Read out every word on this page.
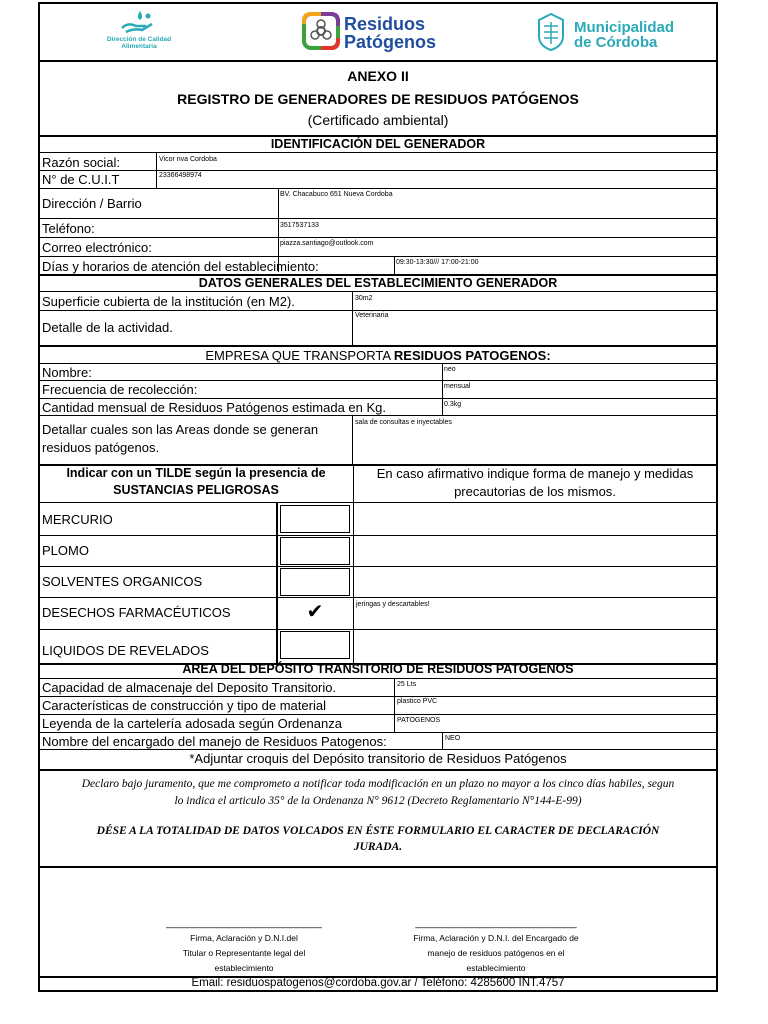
Dirección de Calidad Alimentaria
Residuos
Patógenos
Municipalidad
de Córdoba
ANEXO II
REGISTRO DE GENERADORES DE RESIDUOS PATÓGENOS
(Certificado ambiental)
IDENTIFICACIÓN DEL GENERADOR
Razón social:	Vicor nva Cordoba
N° de C.U.I.T	23366498974
Dirección / Barrio
BV. Chacabuco 651 Nueva Cordoba
Teléfono:	3517537133
Correo electrónico:	piazza.santiago@outlook.com
Días y horarios de atención del establecimiento:	09:30-13:30/// 17:00-21:00
DATOS GENERALES DEL ESTABLECIMIENTO GENERADOR
Superficie cubierta de la institución (en M2).	30m2
Detalle de la actividad.
Veterinaria
EMPRESA QUE TRANSPORTA RESIDUOS PATOGENOS:
Nombre:	neo
Frecuencia de recolección:	mensual
Cantidad mensual de Residuos Patógenos estimada en Kg.	0.3kg
Detallar cuales son las Areas donde se generan
residuos patógenos.
sala de consultas e inyectables
Indicar con un TILDE según la presencia de
SUSTANCIAS PELIGROSAS
En caso afirmativo indique forma de manejo y medidas
precautorias de los mismos.
MERCURIO
PLOMO
SOLVENTES ORGANICOS
DESECHOS FARMACÉUTICOS	✔	jeringas y descartables!
LIQUIDOS DE REVELADOS
AREA DEL DEPÓSITO TRANSITORIO DE RESIDUOS PATOGENOS
Capacidad de almacenaje del Deposito Transitorio.	25 Lts
Características de construcción y tipo de material	plastico PVC
Leyenda de la cartelería adosada según Ordenanza	PATOGENOS
Nombre del encargado del manejo de Residuos Patogenos:	NEO
*Adjuntar croquis del Depósito transitorio de Residuos Patógenos
Declaro bajo juramento, que me comprometo a notificar toda modificación en un plazo no mayor a los cinco días habiles, segun
lo indica el articulo 35° de la Ordenanza N° 9612 (Decreto Reglamentario N°144-E-99)
DÉSE A LA TOTALIDAD DE DATOS VOLCADOS EN ÉSTE FORMULARIO EL CARACTER DE DECLARACIÓN
JURADA.
____________________________
Firma, Aclaración y D.N.I.del
Titular o Representante legal del
establecimiento
_____________________________
Firma, Aclaración y D.N.I. del Encargado de
manejo de residuos patógenos en el
establecimiento
Email: residuospatogenos@cordoba.gov.ar / Teléfono: 4285600 INT.4757
